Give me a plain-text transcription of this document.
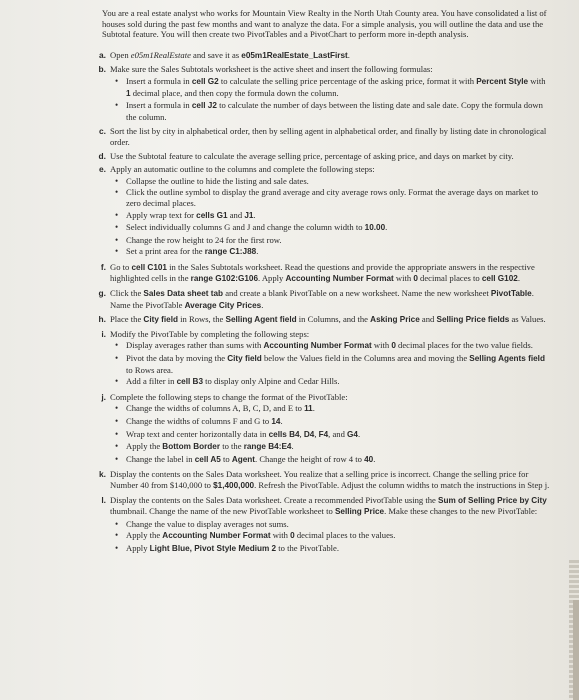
You are a real estate analyst who works for Mountain View Realty in the North Utah County area. You have consolidated a list of houses sold during the past few months and want to analyze the data. For a simple analysis, you will outline the data and use the Subtotal feature. You will then create two PivotTables and a PivotChart to perform more in-depth analysis.

a. Open e05m1RealEstate and save it as e05m1RealEstate_LastFirst.
b. Make sure the Sales Subtotals worksheet is the active sheet and insert the following formulas:
• Insert a formula in cell G2 to calculate the selling price percentage of the asking price, format it with Percent Style with 1 decimal place, and then copy the formula down the column.
• Insert a formula in cell J2 to calculate the number of days between the listing date and sale date. Copy the formula down the column.
c. Sort the list by city in alphabetical order, then by selling agent in alphabetical order, and finally by listing date in chronological order.
d. Use the Subtotal feature to calculate the average selling price, percentage of asking price, and days on market by city.
e. Apply an automatic outline to the columns and complete the following steps:
• Collapse the outline to hide the listing and sale dates.
• Click the outline symbol to display the grand average and city average rows only. Format the average days on market to zero decimal places.
• Apply wrap text for cells G1 and J1.
• Select individually columns G and J and change the column width to 10.00.
• Change the row height to 24 for the first row.
• Set a print area for the range C1:J88.
f. Go to cell C101 in the Sales Subtotals worksheet. Read the questions and provide the appropriate answers in the respective highlighted cells in the range G102:G106. Apply Accounting Number Format with 0 decimal places to cell G102.
g. Click the Sales Data sheet tab and create a blank PivotTable on a new worksheet. Name the new worksheet PivotTable. Name the PivotTable Average City Prices.
h. Place the City field in Rows, the Selling Agent field in Columns, and the Asking Price and Selling Price fields as Values.
i. Modify the PivotTable by completing the following steps:
• Display averages rather than sums with Accounting Number Format with 0 decimal places for the two value fields.
• Pivot the data by moving the City field below the Values field in the Columns area and moving the Selling Agents field to Rows area.
• Add a filter in cell B3 to display only Alpine and Cedar Hills.
j. Complete the following steps to change the format of the PivotTable:
• Change the widths of columns A, B, C, D, and E to 11.
• Change the widths of columns F and G to 14.
• Wrap text and center horizontally data in cells B4, D4, F4, and G4.
• Apply the Bottom Border to the range B4:E4.
• Change the label in cell A5 to Agent. Change the height of row 4 to 40.
k. Display the contents on the Sales Data worksheet. You realize that a selling price is incorrect. Change the selling price for Number 40 from $140,000 to $1,400,000. Refresh the PivotTable. Adjust the column widths to match the instructions in Step j.
l. Display the contents on the Sales Data worksheet. Create a recommended PivotTable using the Sum of Selling Price by City thumbnail. Change the name of the new PivotTable worksheet to Selling Price. Make these changes to the new PivotTable:
• Change the value to display averages not sums.
• Apply the Accounting Number Format with 0 decimal places to the values.
• Apply Light Blue, Pivot Style Medium 2 to the PivotTable.
